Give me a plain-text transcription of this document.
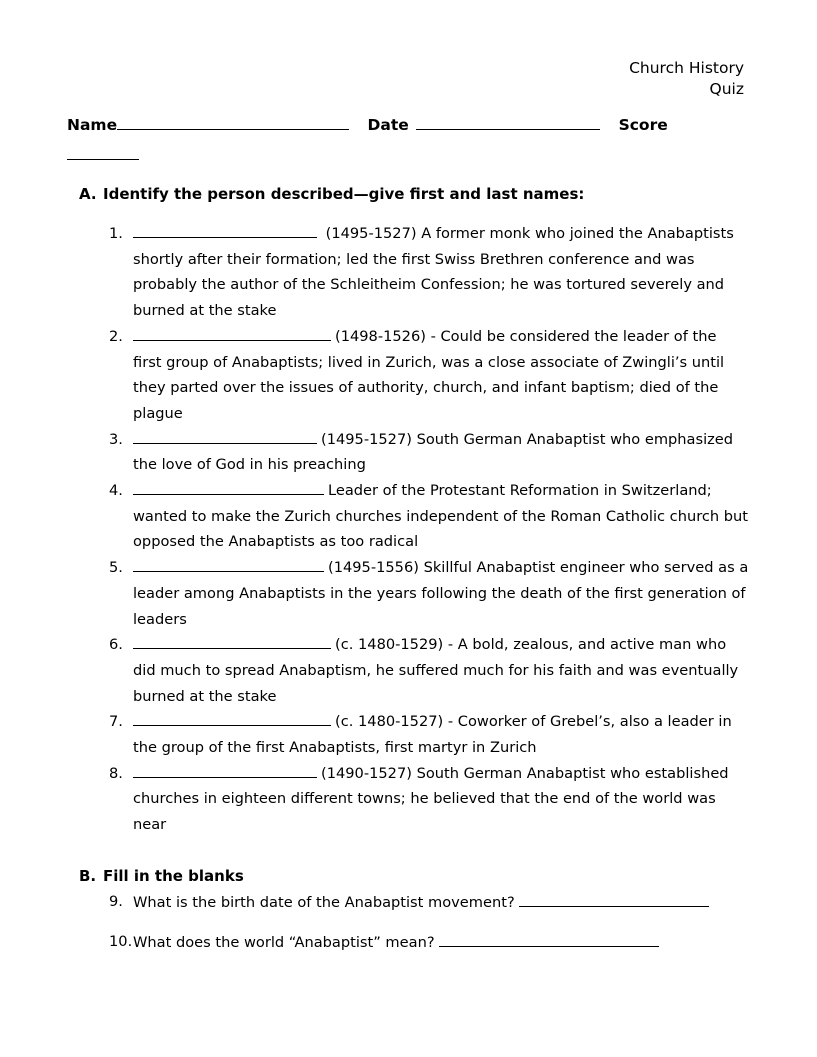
Church History
Quiz
Name	Date	Score
A. Identify the person described—give first and last names:
1.	(1495-1527) A former monk who joined the Anabaptists shortly after their formation; led the first Swiss Brethren conference and was probably the author of the Schleitheim Confession; he was tortured severely and burned at the stake
2.	(1498-1526) - Could be considered the leader of the first group of Anabaptists; lived in Zurich, was a close associate of Zwingli’s until they parted over the issues of authority, church, and infant baptism; died of the plague
3.	(1495-1527) South German Anabaptist who emphasized the love of God in his preaching
4.	Leader of the Protestant Reformation in Switzerland; wanted to make the Zurich churches independent of the Roman Catholic church but opposed the Anabaptists as too radical
5.	(1495-1556) Skillful Anabaptist engineer who served as a leader among Anabaptists in the years following the death of the first generation of leaders
6.	(c. 1480-1529) - A bold, zealous, and active man who did much to spread Anabaptism, he suffered much for his faith and was eventually burned at the stake
7.	(c. 1480-1527) - Coworker of Grebel’s, also a leader in the group of the first Anabaptists, first martyr in Zurich
8.	(1490-1527) South German Anabaptist who established churches in eighteen different towns; he believed that the end of the world was near
B. Fill in the blanks
9. What is the birth date of the Anabaptist movement?
10. What does the world “Anabaptist” mean?
